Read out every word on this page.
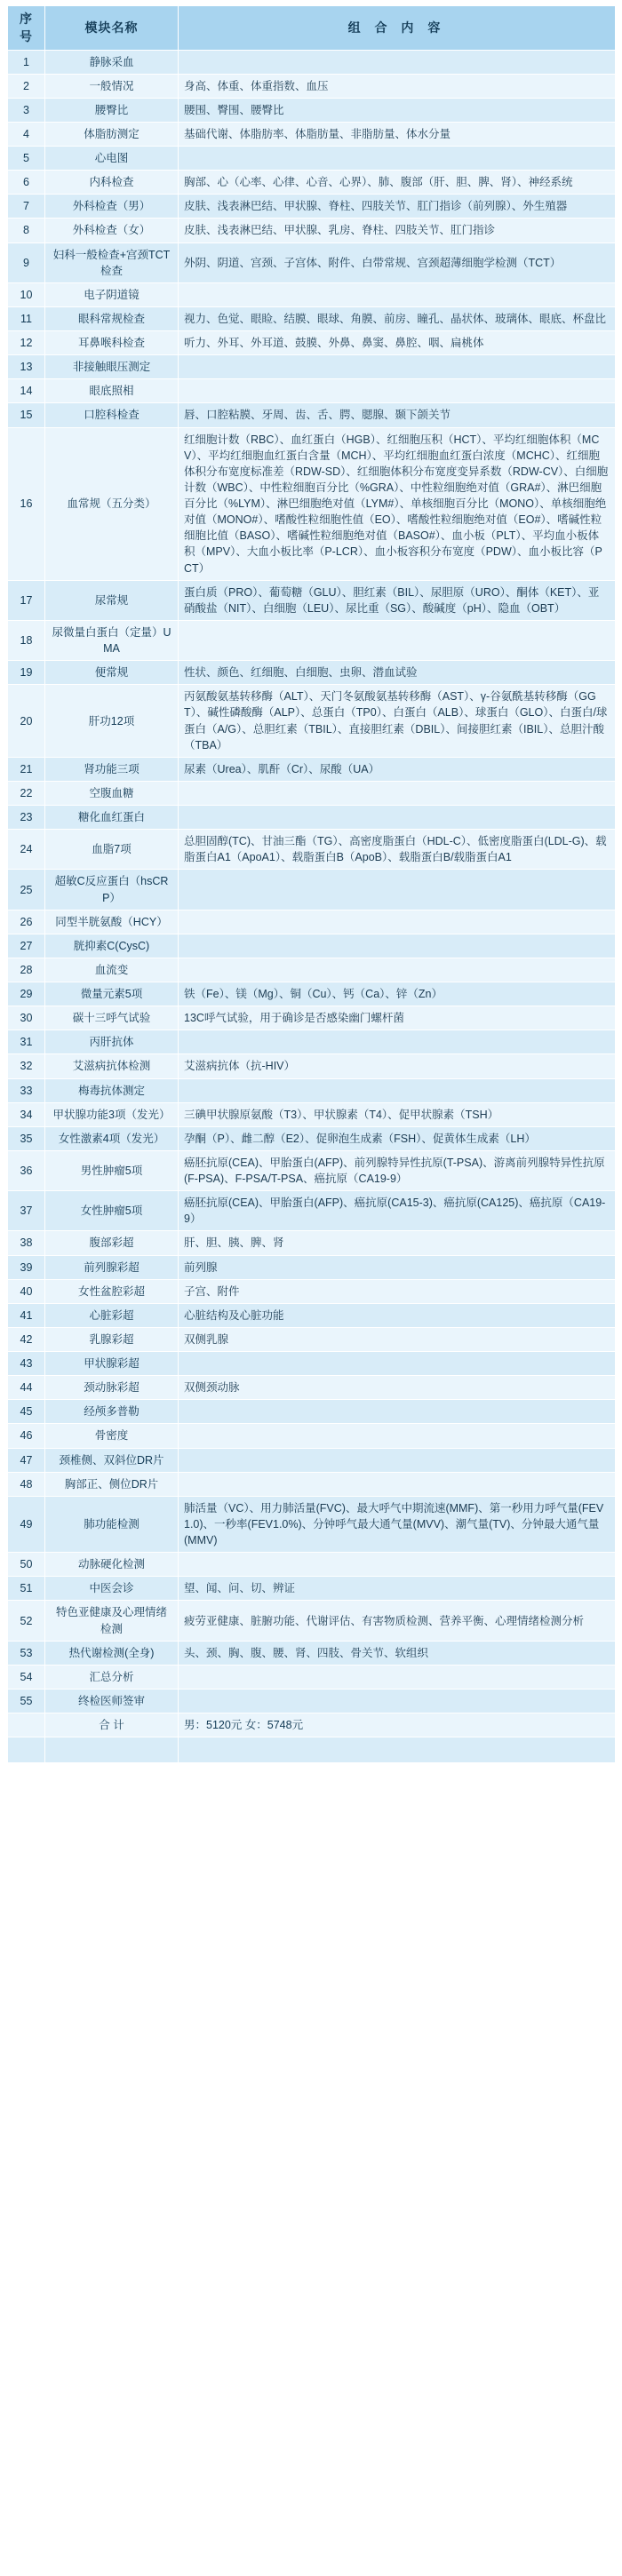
序号	模块名称	组 合 内 容
1	静脉采血	
2	一般情况	身高、体重、体重指数、血压
3	腰臀比	腰围、臀围、腰臀比
4	体脂肪测定	基础代谢、体脂肪率、体脂肪量、非脂肪量、体水分量
5	心电图	
6	内科检查	胸部、心（心率、心律、心音、心界）、肺、腹部（肝、胆、脾、肾）、神经系统
7	外科检查（男）	皮肤、浅表淋巴结、甲状腺、脊柱、四肢关节、肛门指诊（前列腺）、外生殖器
8	外科检查（女）	皮肤、浅表淋巴结、甲状腺、乳房、脊柱、四肢关节、肛门指诊
9	妇科一般检查+宫颈TCT检查	外阴、阴道、宫颈、子宫体、附件、白带常规、宫颈超薄细胞学检测（TCT）
10	电子阴道镜	
11	眼科常规检查	视力、色觉、眼睑、结膜、眼球、角膜、前房、瞳孔、晶状体、玻璃体、眼底、杯盘比
12	耳鼻喉科检查	听力、外耳、外耳道、鼓膜、外鼻、鼻窦、鼻腔、咽、扁桃体
13	非接触眼压测定	
14	眼底照相	
15	口腔科检查	唇、口腔粘膜、牙周、齿、舌、腭、腮腺、颞下颌关节
16	血常规（五分类）	红细胞计数（RBC）、血红蛋白（HGB）、红细胞压积（HCT）、平均红细胞体积（MCV）、平均红细胞血红蛋白含量（MCH）、平均红细胞血红蛋白浓度（MCHC）、红细胞体积分布宽度标准差（RDW-SD）、红细胞体积分布宽度变异系数（RDW-CV）、白细胞计数（WBC）、中性粒细胞百分比（%GRA）、中性粒细胞绝对值（GRA#）、淋巴细胞百分比（%LYM）、淋巴细胞绝对值（LYM#）、单核细胞百分比（MONO）、单核细胞绝对值（MONO#）、嗜酸性粒细胞性值（EO）、嗜酸性粒细胞绝对值（EO#）、嗜碱性粒细胞比值（BASO）、嗜碱性粒细胞绝对值（BASO#）、血小板（PLT）、平均血小板体积（MPV）、大血小板比率（P-LCR）、血小板容积分布宽度（PDW）、血小板比容（PCT）
17	尿常规	蛋白质（PRO）、葡萄糖（GLU）、胆红素（BIL）、尿胆原（URO）、酮体（KET）、亚硝酸盐（NIT）、白细胞（LEU）、尿比重（SG）、酸碱度（pH）、隐血（OBT）
18	尿微量白蛋白（定量）UMA	
19	便常规	性状、颜色、红细胞、白细胞、虫卵、潜血试验
20	肝功12项	丙氨酸氨基转移酶（ALT）、天门冬氨酸氨基转移酶（AST）、γ-谷氨酰基转移酶（GGT）、碱性磷酸酶（ALP）、总蛋白（TP0）、白蛋白（ALB）、球蛋白（GLO）、白蛋白/球蛋白（A/G）、总胆红素（TBIL）、直接胆红素（DBIL）、间接胆红素（IBIL）、总胆汁酸（TBA）
21	肾功能三项	尿素（Urea）、肌酐（Cr）、尿酸（UA）
22	空腹血糖	
23	糖化血红蛋白	
24	血脂7项	总胆固醇(TC)、甘油三酯（TG）、高密度脂蛋白（HDL-C）、低密度脂蛋白(LDL-G)、载脂蛋白A1（ApoA1）、载脂蛋白B（ApoB）、载脂蛋白B/载脂蛋白A1
25	超敏C反应蛋白（hsCRP）	
26	同型半胱氨酸（HCY）	
27	胱抑素C(CysC)	
28	血流变	
29	微量元素5项	铁（Fe）、镁（Mg）、铜（Cu）、钙（Ca）、锌（Zn）
30	碳十三呼气试验	13C呼气试验，用于确诊是否感染幽门螺杆菌
31	丙肝抗体	
32	艾滋病抗体检测	艾滋病抗体（抗-HIV）
33	梅毒抗体测定	
34	甲状腺功能3项（发光）	三碘甲状腺原氨酸（T3）、甲状腺素（T4）、促甲状腺素（TSH）
35	女性激素4项（发光）	孕酮（P）、雌二醇（E2）、促卵泡生成素（FSH）、促黄体生成素（LH）
36	男性肿瘤5项	癌胚抗原(CEA)、甲胎蛋白(AFP)、前列腺特异性抗原(T-PSA)、游离前列腺特异性抗原(F-PSA)、F-PSA/T-PSA、癌抗原（CA19-9）
37	女性肿瘤5项	癌胚抗原(CEA)、甲胎蛋白(AFP)、癌抗原(CA15-3)、癌抗原(CA125)、癌抗原（CA19-9）
38	腹部彩超	肝、胆、胰、脾、肾
39	前列腺彩超	前列腺
40	女性盆腔彩超	子宫、附件
41	心脏彩超	心脏结构及心脏功能
42	乳腺彩超	双侧乳腺
43	甲状腺彩超	
44	颈动脉彩超	双侧颈动脉
45	经颅多普勒	
46	骨密度	
47	颈椎侧、双斜位DR片	
48	胸部正、侧位DR片	
49	肺功能检测	肺活量（VC）、用力肺活量(FVC)、最大呼气中期流速(MMF)、第一秒用力呼气量(FEV1.0)、一秒率(FEV1.0%)、分钟呼气最大通气量(MVV)、潮气量(TV)、分钟最大通气量(MMV)
50	动脉硬化检测	
51	中医会诊	望、闻、问、切、辨证
52	特色亚健康及心理情绪检测	疲劳亚健康、脏腑功能、代谢评估、有害物质检测、营养平衡、心理情绪检测分析
53	热代谢检测(全身)	头、颈、胸、腹、腰、肾、四肢、骨关节、软组织
54	汇总分析	
55	终检医师签审	
	合 计	男：5120元 女：5748元
